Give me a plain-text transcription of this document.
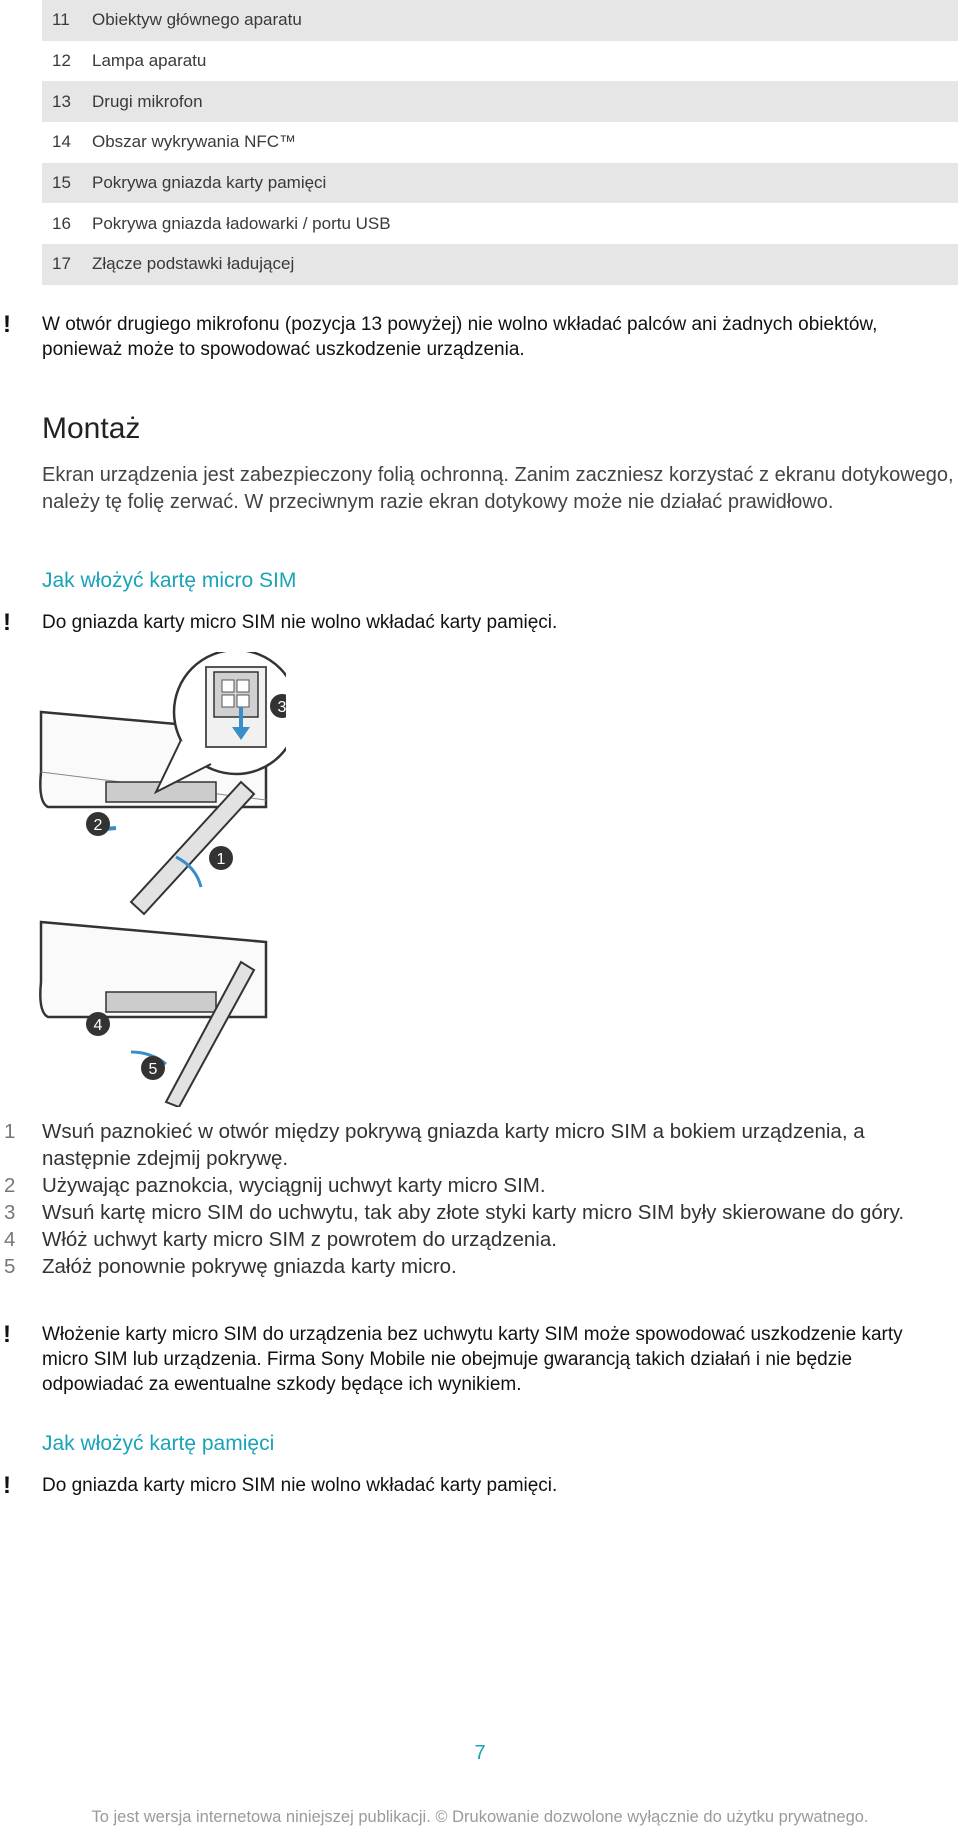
11	Obiektyw głównego aparatu
12	Lampa aparatu
13	Drugi mikrofon
14	Obszar wykrywania NFC™
15	Pokrywa gniazda karty pamięci
16	Pokrywa gniazda ładowarki / portu USB
17	Złącze podstawki ładującej
! W otwór drugiego mikrofonu (pozycja 13 powyżej) nie wolno wkładać palców ani żadnych obiektów, ponieważ może to spowodować uszkodzenie urządzenia.
Montaż

Ekran urządzenia jest zabezpieczony folią ochronną. Zanim zaczniesz korzystać z ekranu dotykowego, należy tę folię zerwać. W przeciwnym razie ekran dotykowy może nie działać prawidłowo.

Jak włożyć kartę micro SIM
! Do gniazda karty micro SIM nie wolno wkładać karty pamięci.
3
2
1
4
5
1	Wsuń paznokieć w otwór między pokrywą gniazda karty micro SIM a bokiem urządzenia, a następnie zdejmij pokrywę.
2	Używając paznokcia, wyciągnij uchwyt karty micro SIM.
3	Wsuń kartę micro SIM do uchwytu, tak aby złote styki karty micro SIM były skierowane do góry.
4	Włóż uchwyt karty micro SIM z powrotem do urządzenia.
5	Załóż ponownie pokrywę gniazda karty micro.
! Włożenie karty micro SIM do urządzenia bez uchwytu karty SIM może spowodować uszkodzenie karty micro SIM lub urządzenia. Firma Sony Mobile nie obejmuje gwarancją takich działań i nie będzie odpowiadać za ewentualne szkody będące ich wynikiem.
Jak włożyć kartę pamięci
! Do gniazda karty micro SIM nie wolno wkładać karty pamięci.
7
To jest wersja internetowa niniejszej publikacji. © Drukowanie dozwolone wyłącznie do użytku prywatnego.
